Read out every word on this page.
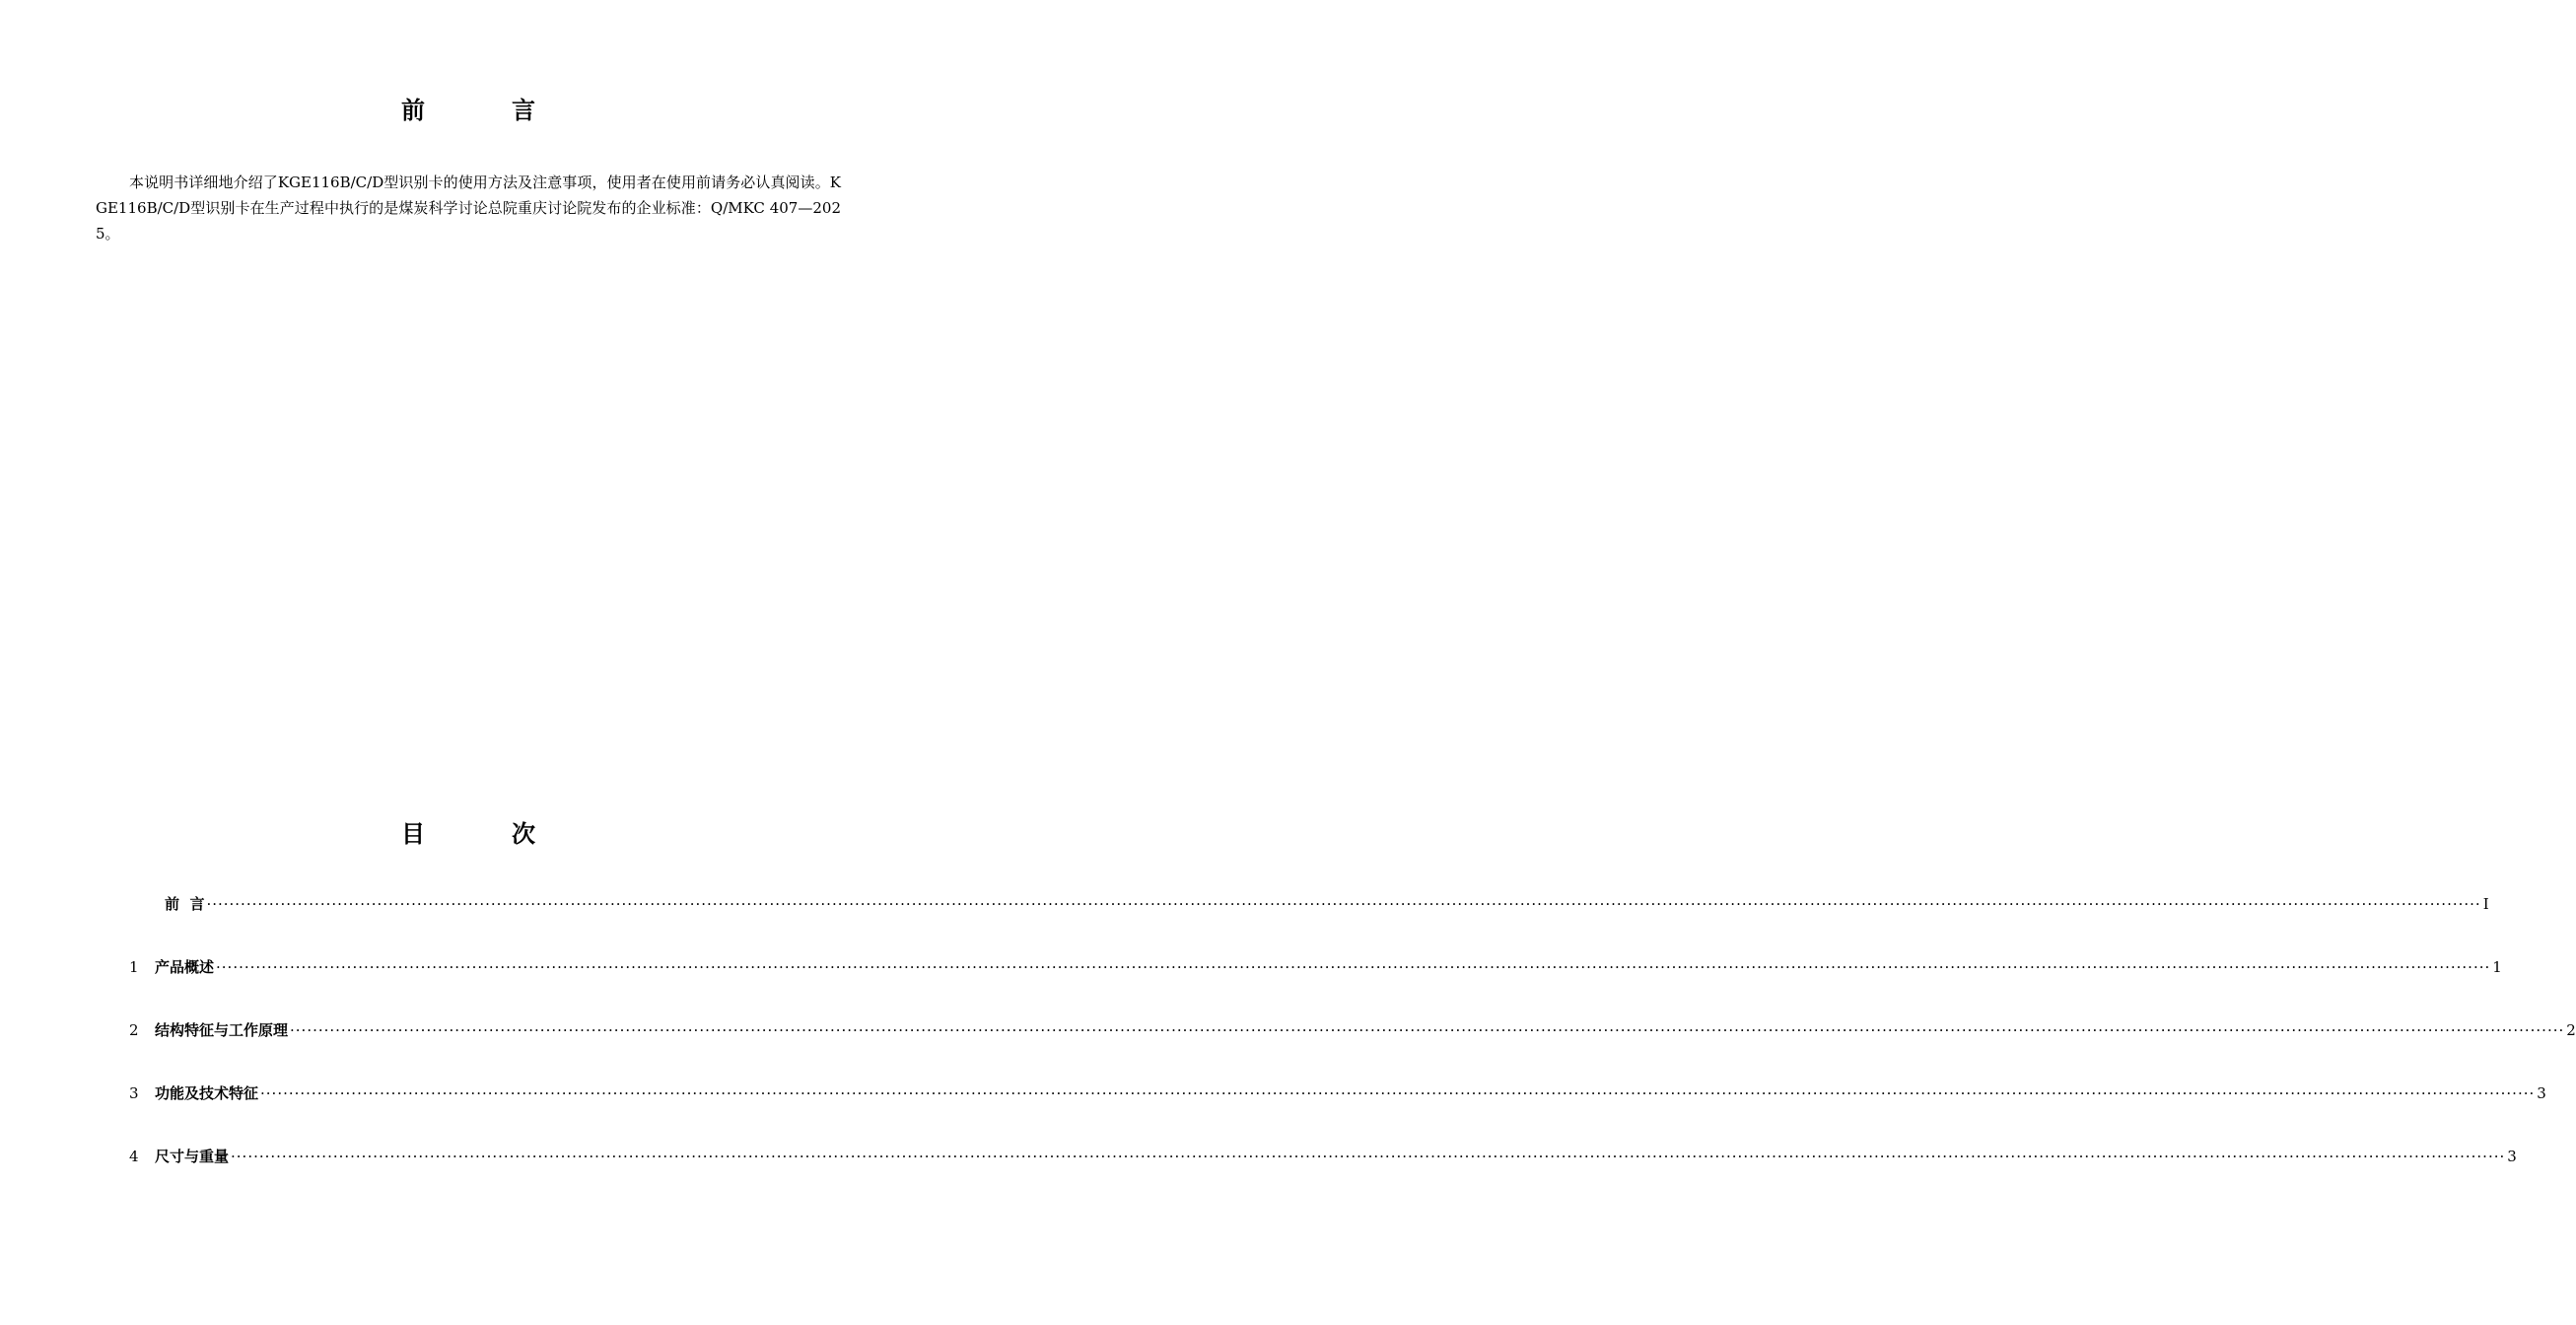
前	言
本说明书详细地介绍了KGE116B/C/D型识别卡的使用方法及注意事项，使用者在使用前请务必认真阅读。KGE116B/C/D型识别卡在生产过程中执行的是煤炭科学讨论总院重庆讨论院发布的企业标准：Q/MKC 407—2025。
目	次
前  言 ················································································································································································································································································································································································································ I
1	产品概述 ················································································································································································································································································································································································································ 1
2	结构特征与工作原理 ················································································································································································································································································································································································································ 2
3	功能及技术特征 ················································································································································································································································································································································································································ 3
4	尺寸与重量 ················································································································································································································································································································································································································ 3
